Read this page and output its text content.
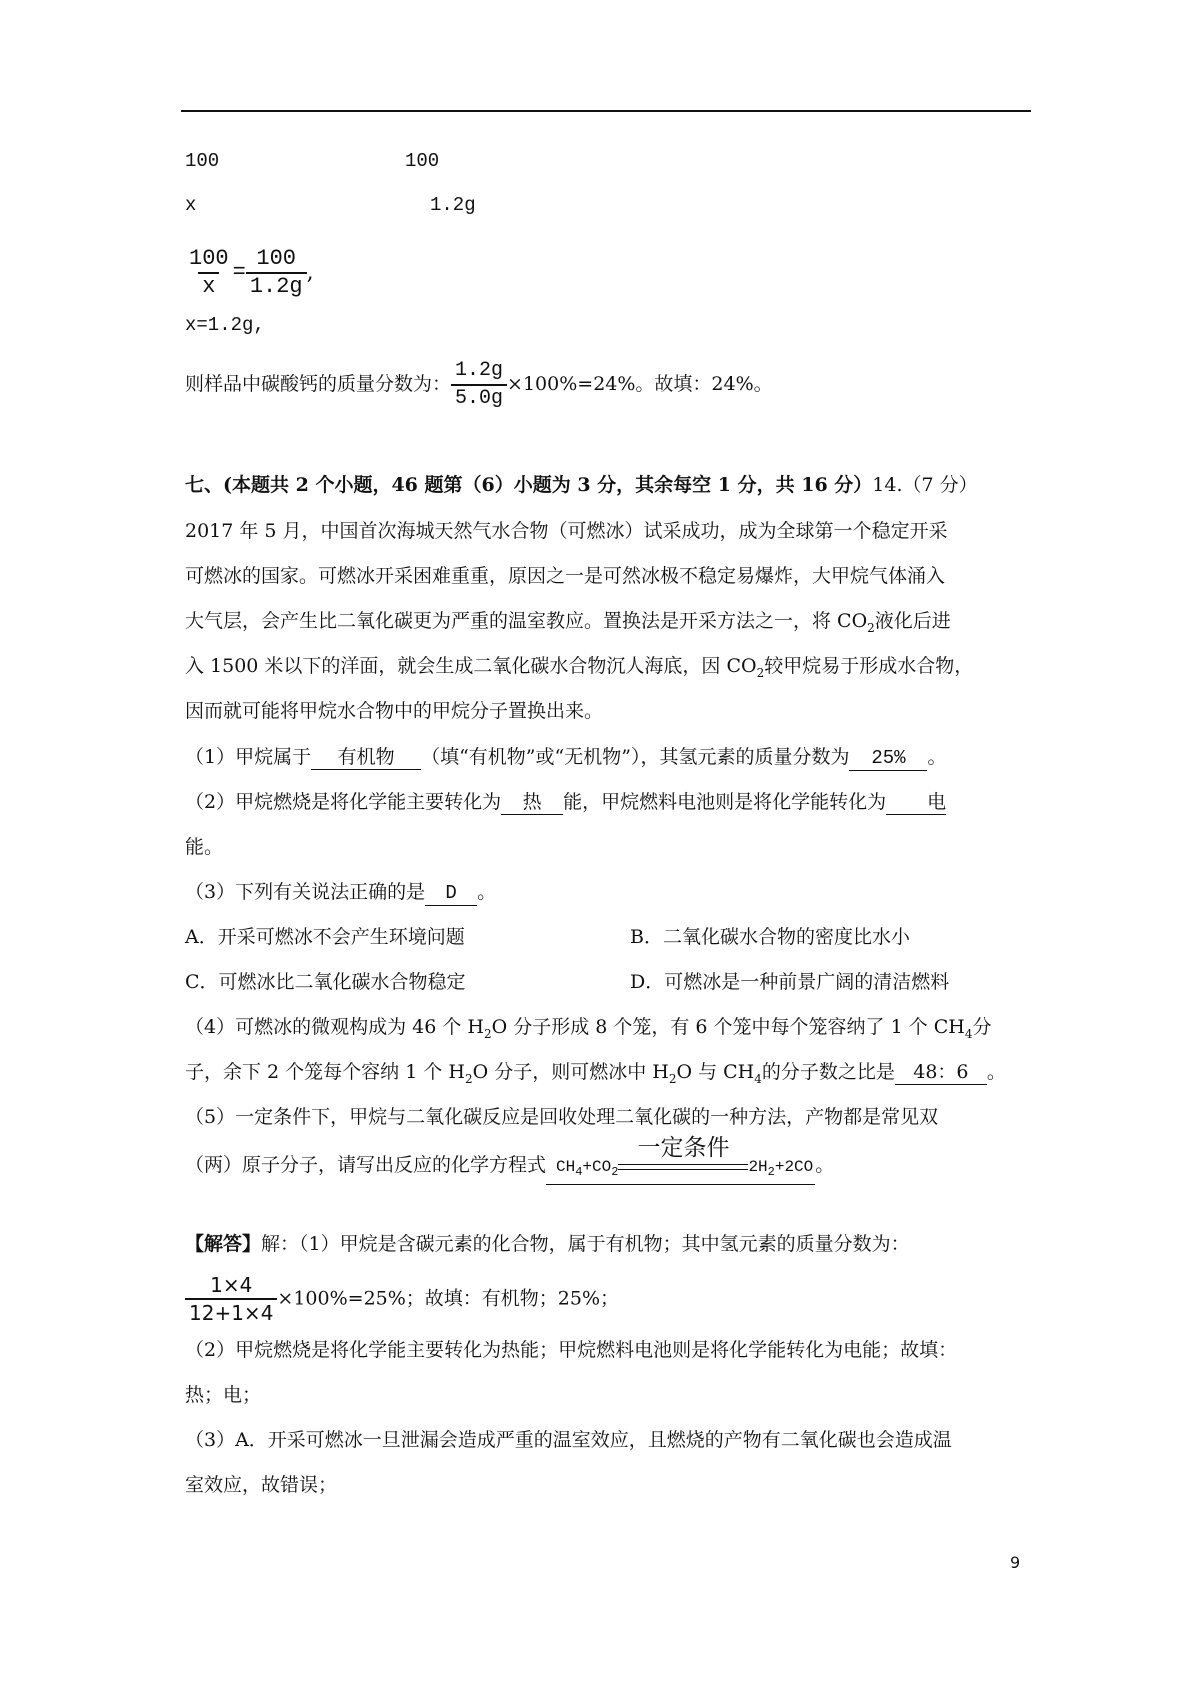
100	100
x	1.2g
$\frac{100}{x} = \frac{100}{1.2g}$ ,
x=1.2g,
则样品中碳酸钙的质量分数为： $\frac{1.2g}{5.0g} \times 100\%=24\%$。故填：24%。
七、(本题共 2 个小题，46 题第（6）小题为 3 分，其余每空 1 分，共 16 分）14.（7 分）
2017 年 5 月，中国首次海城天然气水合物（可燃冰）试采成功，成为全球第一个稳定开采
可燃冰的国家。可燃冰开采困难重重，原因之一是可然冰极不稳定易爆炸，大甲烷气体涌入
大气层，会产生比二氧化碳更为严重的温室教应。置换法是开采方法之一，将 $CO_2$液化后进
入 1500 米以下的洋面，就会生成二氧化碳水合物沉人海底，因 $CO_2$较甲烷易于形成水合物，
因而就可能将甲烷水合物中的甲烷分子置换出来。
（1）甲烷属于 有机物 （填“有机物”或“无机物”），其氢元素的质量分数为 25% 。
（2）甲烷燃烧是将化学能主要转化为 热 能，甲烷燃料电池则是将化学能转化为 电
能。
（3）下列有关说法正确的是 D 。
A．开采可燃冰不会产生环境问题	B．二氧化碳水合物的密度比水小
C．可燃冰比二氧化碳水合物稳定	D．可燃冰是一种前景广阔的清洁燃料
（4）可燃冰的微观构成为 46 个 $H_2O$ 分子形成 8 个笼，有 6 个笼中每个笼容纳了 1 个 $CH_4$分
子，余下 2 个笼每个容纳 1 个 $H_2O$ 分子，则可燃冰中 $H_2O$ 与 $CH_4$的分子数之比是 48：6 。
（5）一定条件下，甲烷与二氧化碳反应是回收处理二氧化碳的一种方法，产物都是常见双
（两）原子分子，请写出反应的化学方程式 $CH_4+CO_2$
一定条件
$2H_2+2CO$ 。
【解答】解：（1）甲烷是含碳元素的化合物，属于有机物；其中氢元素的质量分数为：
$\frac{1\times 4}{12+1\times 4} \times 100\%=25\%$；故填：有机物；25%；
（2）甲烷燃烧是将化学能主要转化为热能；甲烷燃料电池则是将化学能转化为电能；故填：
热；电；
（3）A．开采可燃冰一旦泄漏会造成严重的温室效应，且燃烧的产物有二氧化碳也会造成温
室效应，故错误；
9
